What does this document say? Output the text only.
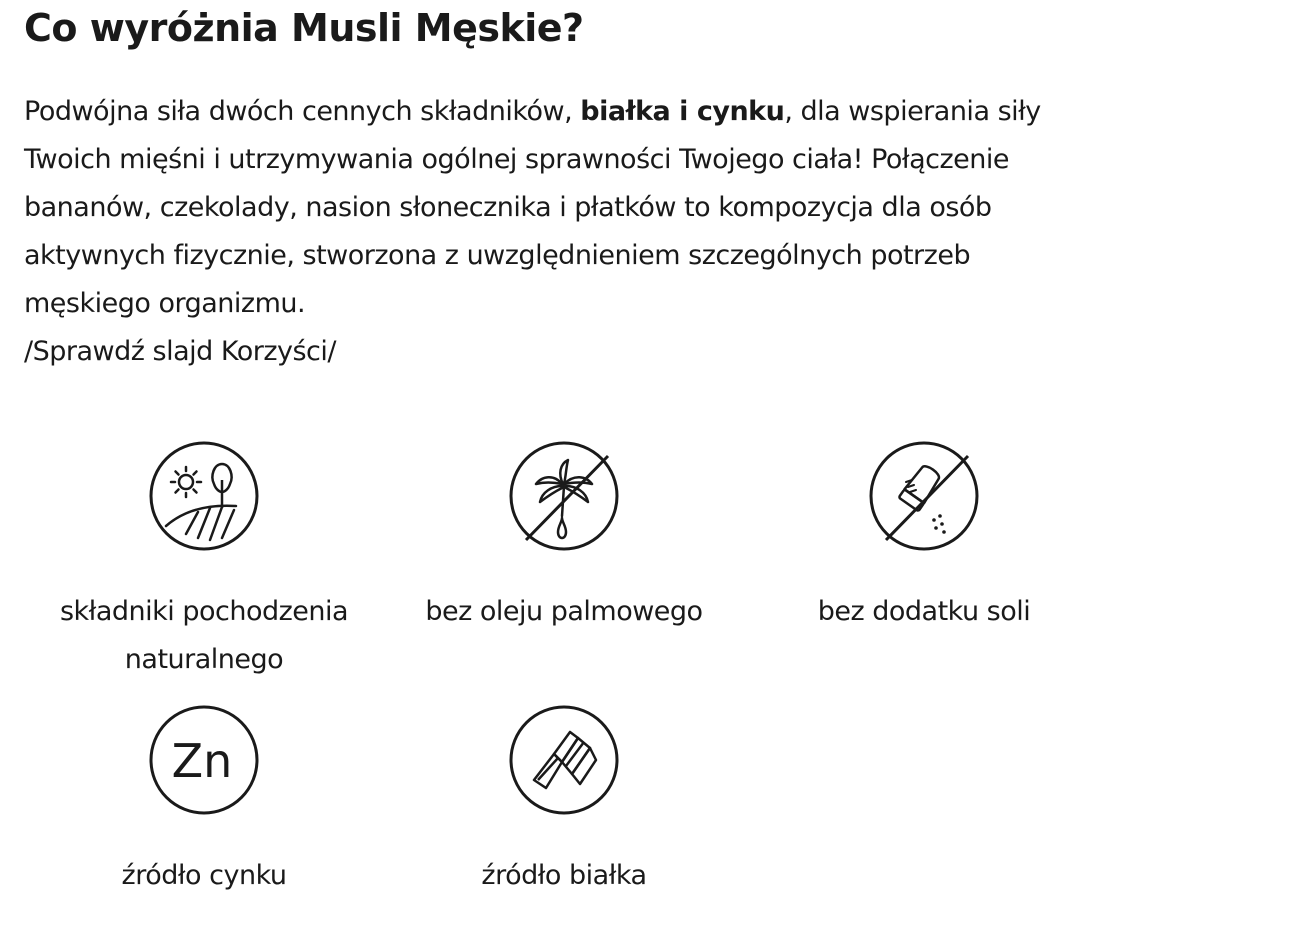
Co wyróżnia Musli Męskie?
Podwójna siła dwóch cennych składników, białka i cynku, dla wspierania siły
Twoich mięśni i utrzymywania ogólnej sprawności Twojego ciała! Połączenie
bananów, czekolady, nasion słonecznika i płatków to kompozycja dla osób
aktywnych fizycznie, stworzona z uwzględnieniem szczególnych potrzeb
męskiego organizmu.
/Sprawdź slajd Korzyści/
składniki pochodzenia
naturalnego
bez oleju palmowego	bez dodatku soli
Zn
źródło cynku	źródło białka
